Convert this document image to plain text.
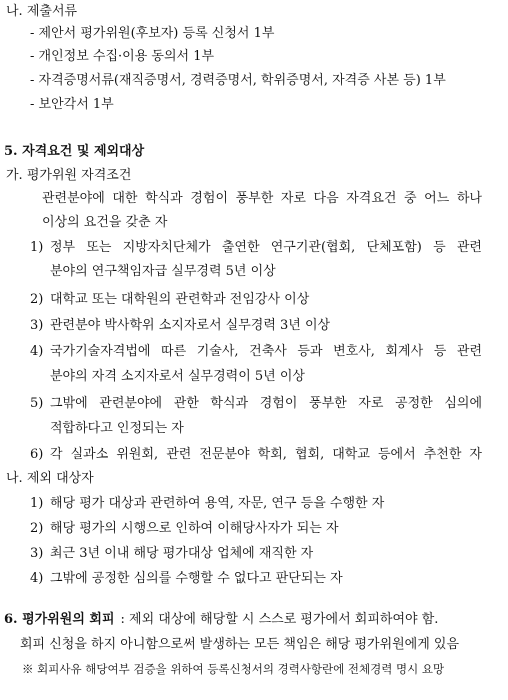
나. 제출서류
- 제안서 평가위원(후보자) 등록 신청서 1부
- 개인정보 수집·이용 동의서 1부
- 자격증명서류(재직증명서, 경력증명서, 학위증명서, 자격증 사본 등) 1부
- 보안각서 1부
5. 자격요건 및 제외대상
가. 평가위원 자격조건
관련분야에 대한 학식과 경험이 풍부한 자로 다음 자격요건 중 어느 하나
이상의 요건을 갖춘 자
1) 정부 또는 지방자치단체가 출연한 연구기관(협회, 단체포함) 등 관련
분야의 연구책임자급 실무경력 5년 이상
2) 대학교 또는 대학원의 관련학과 전임강사 이상
3) 관련분야 박사학위 소지자로서 실무경력 3년 이상
4) 국가기술자격법에 따른 기술사, 건축사 등과 변호사, 회계사 등 관련
분야의 자격 소지자로서 실무경력이 5년 이상
5) 그밖에 관련분야에 관한 학식과 경험이 풍부한 자로 공정한 심의에
적합하다고 인정되는 자
6) 각 실과소 위원회, 관련 전문분야 학회, 협회, 대학교 등에서 추천한 자
나. 제외 대상자
1) 해당 평가 대상과 관련하여 용역, 자문, 연구 등을 수행한 자
2) 해당 평가의 시행으로 인하여 이해당사자가 되는 자
3) 최근 3년 이내 해당 평가대상 업체에 재직한 자
4) 그밖에 공정한 심의를 수행할 수 없다고 판단되는 자
6. 평가위원의 회피 : 제외 대상에 해당할 시 스스로 평가에서 회피하여야 함.
회피 신청을 하지 아니함으로써 발생하는 모든 책임은 해당 평가위원에게 있음
※ 회피사유 해당여부 검증을 위하여 등록신청서의 경력사항란에 전체경력 명시 요망
